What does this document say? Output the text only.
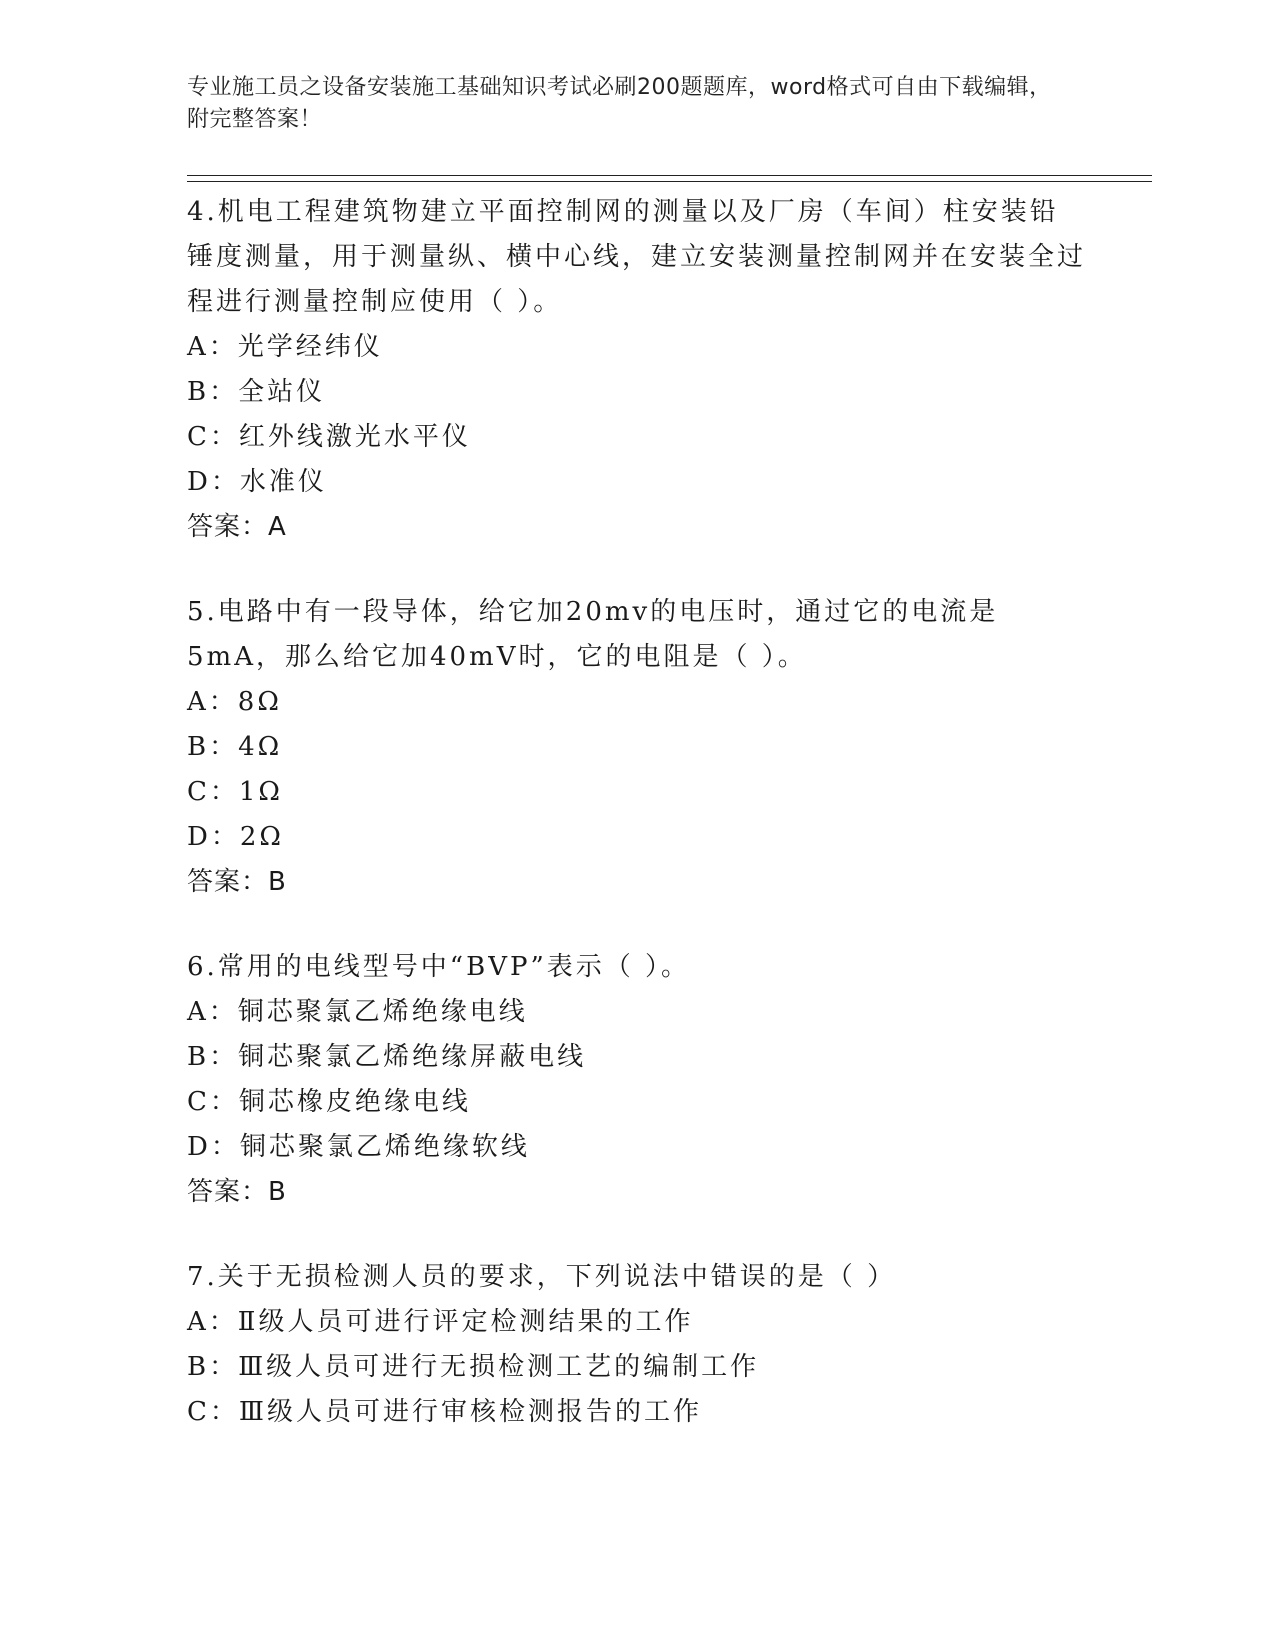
专业施工员之设备安装施工基础知识考试必刷200题题库，word格式可自由下载编辑，附完整答案！

4.机电工程建筑物建立平面控制网的测量以及厂房（车间）柱安装铅锤度测量，用于测量纵、横中心线，建立安装测量控制网并在安装全过程进行测量控制应使用（ ）。

A：光学经纬仪

B：全站仪

C：红外线激光水平仪

D：水准仪

答案：A

5.电路中有一段导体，给它加20mv的电压时，通过它的电流是5mA，那么给它加40mV时，它的电阻是（ ）。

A：8Ω

B：4Ω

C：1Ω

D：2Ω

答案：B

6.常用的电线型号中“BVP”表示（ ）。

A：铜芯聚氯乙烯绝缘电线

B：铜芯聚氯乙烯绝缘屏蔽电线

C：铜芯橡皮绝缘电线

D：铜芯聚氯乙烯绝缘软线

答案：B

7.关于无损检测人员的要求，下列说法中错误的是（ ）

A：Ⅱ级人员可进行评定检测结果的工作

B：Ⅲ级人员可进行无损检测工艺的编制工作

C：Ⅲ级人员可进行审核检测报告的工作
